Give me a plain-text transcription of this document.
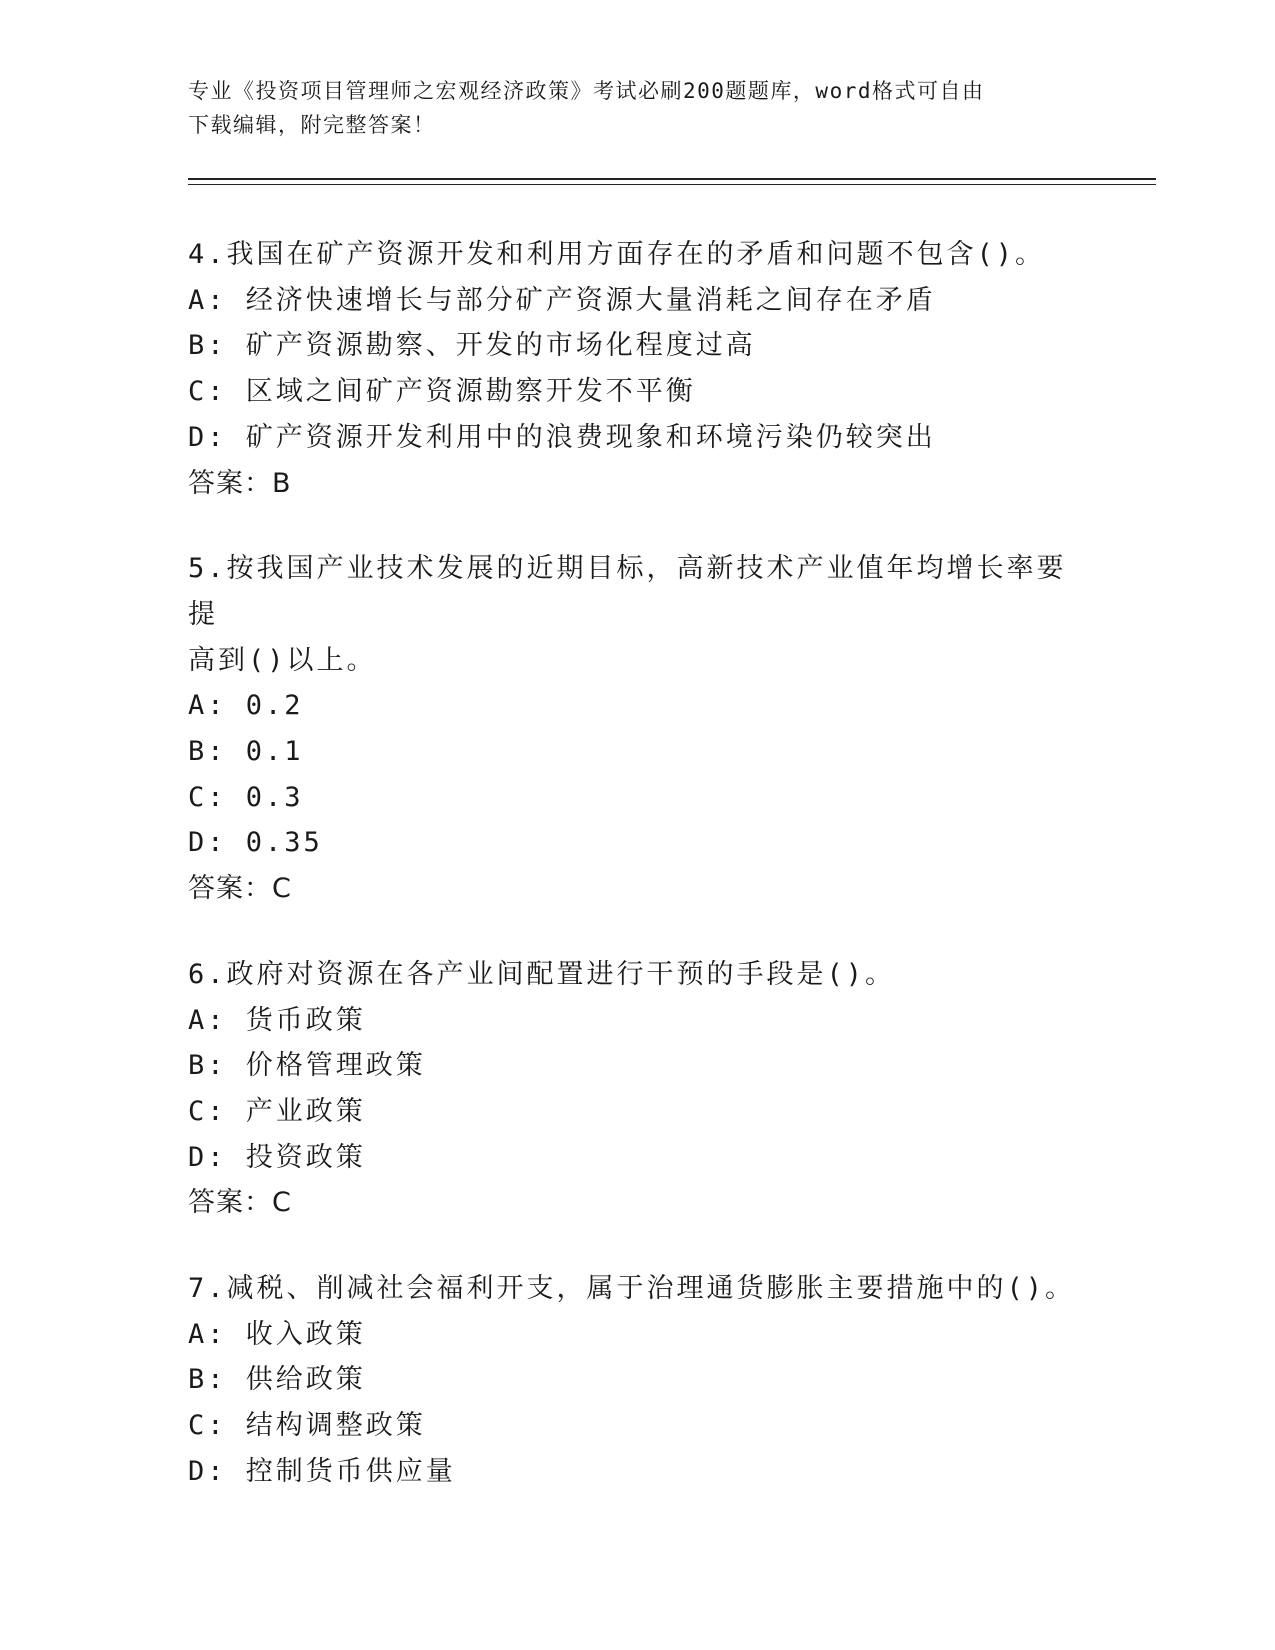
专业《投资项目管理师之宏观经济政策》考试必刷200题题库，word格式可自由
下载编辑，附完整答案！

4.我国在矿产资源开发和利用方面存在的矛盾和问题不包含()。

A: 经济快速增长与部分矿产资源大量消耗之间存在矛盾

B: 矿产资源勘察、开发的市场化程度过高

C: 区域之间矿产资源勘察开发不平衡

D: 矿产资源开发利用中的浪费现象和环境污染仍较突出

答案：B

5.按我国产业技术发展的近期目标，高新技术产业值年均增长率要提
高到()以上。

A: 0.2

B: 0.1

C: 0.3

D: 0.35

答案：C

6.政府对资源在各产业间配置进行干预的手段是()。

A: 货币政策

B: 价格管理政策

C: 产业政策

D: 投资政策

答案：C

7.减税、削减社会福利开支，属于治理通货膨胀主要措施中的()。

A: 收入政策

B: 供给政策

C: 结构调整政策

D: 控制货币供应量
